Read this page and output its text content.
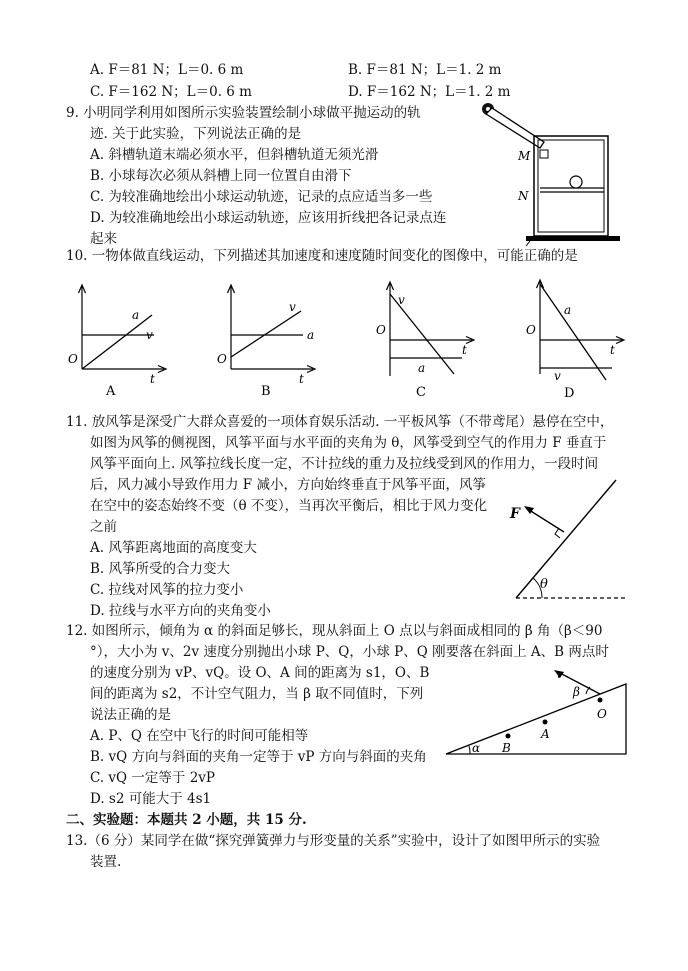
A. F＝81 N；L＝0. 6 m	B. F＝81 N；L＝1. 2 m
C. F＝162 N；L＝0. 6 m	D. F＝162 N；L＝1. 2 m
9. 小明同学利用如图所示实验装置绘制小球做平抛运动的轨
迹. 关于此实验，下列说法正确的是
A. 斜槽轨道末端必须水平，但斜槽轨道无须光滑
B. 小球每次必须从斜槽上同一位置自由滑下
C. 为较准确地绘出小球运动轨迹，记录的点应适当多一些
D. 为较准确地绘出小球运动轨迹，应该用折线把各记录点连
起来
M
N
10. 一物体做直线运动，下列描述其加速度和速度随时间变化的图像中，可能正确的是
a
v
t
O
A
v
a
t
O
B
v
a
t
O
C
a
v
t
O
D
11. 放风筝是深受广大群众喜爱的一项体育娱乐活动. 一平板风筝（不带鸢尾）悬停在空中，
如图为风筝的侧视图，风筝平面与水平面的夹角为 θ，风筝受到空气的作用力 F 垂直于
风筝平面向上. 风筝拉线长度一定，不计拉线的重力及拉线受到风的作用力，一段时间
后，风力减小导致作用力 F 减小，方向始终垂直于风筝平面，风筝
在空中的姿态始终不变（θ 不变），当再次平衡后，相比于风力变化
之前
A. 风筝距离地面的高度变大
B. 风筝所受的合力变大
C. 拉线对风筝的拉力变小
D. 拉线与水平方向的夹角变小
F
θ
12. 如图所示，倾角为 α 的斜面足够长，现从斜面上 O 点以与斜面成相同的 β 角（β＜90
°），大小为 v、2v 速度分别抛出小球 P、Q，小球 P、Q 刚要落在斜面上 A、B 两点时
的速度分别为 vP、vQ。设 O、A 间的距离为 s1，O、B
间的距离为 s2，不计空气阻力，当 β 取不同值时，下列
说法正确的是
A. P、Q 在空中飞行的时间可能相等
B. vQ 方向与斜面的夹角一定等于 vP 方向与斜面的夹角
C. vQ 一定等于 2vP
D. s2 可能大于 4s1
v
β
O
A
B
α
二、实验题：本题共 2 小题，共 15 分.
13.（6 分）某同学在做“探究弹簧弹力与形变量的关系”实验中，设计了如图甲所示的实验
装置.
